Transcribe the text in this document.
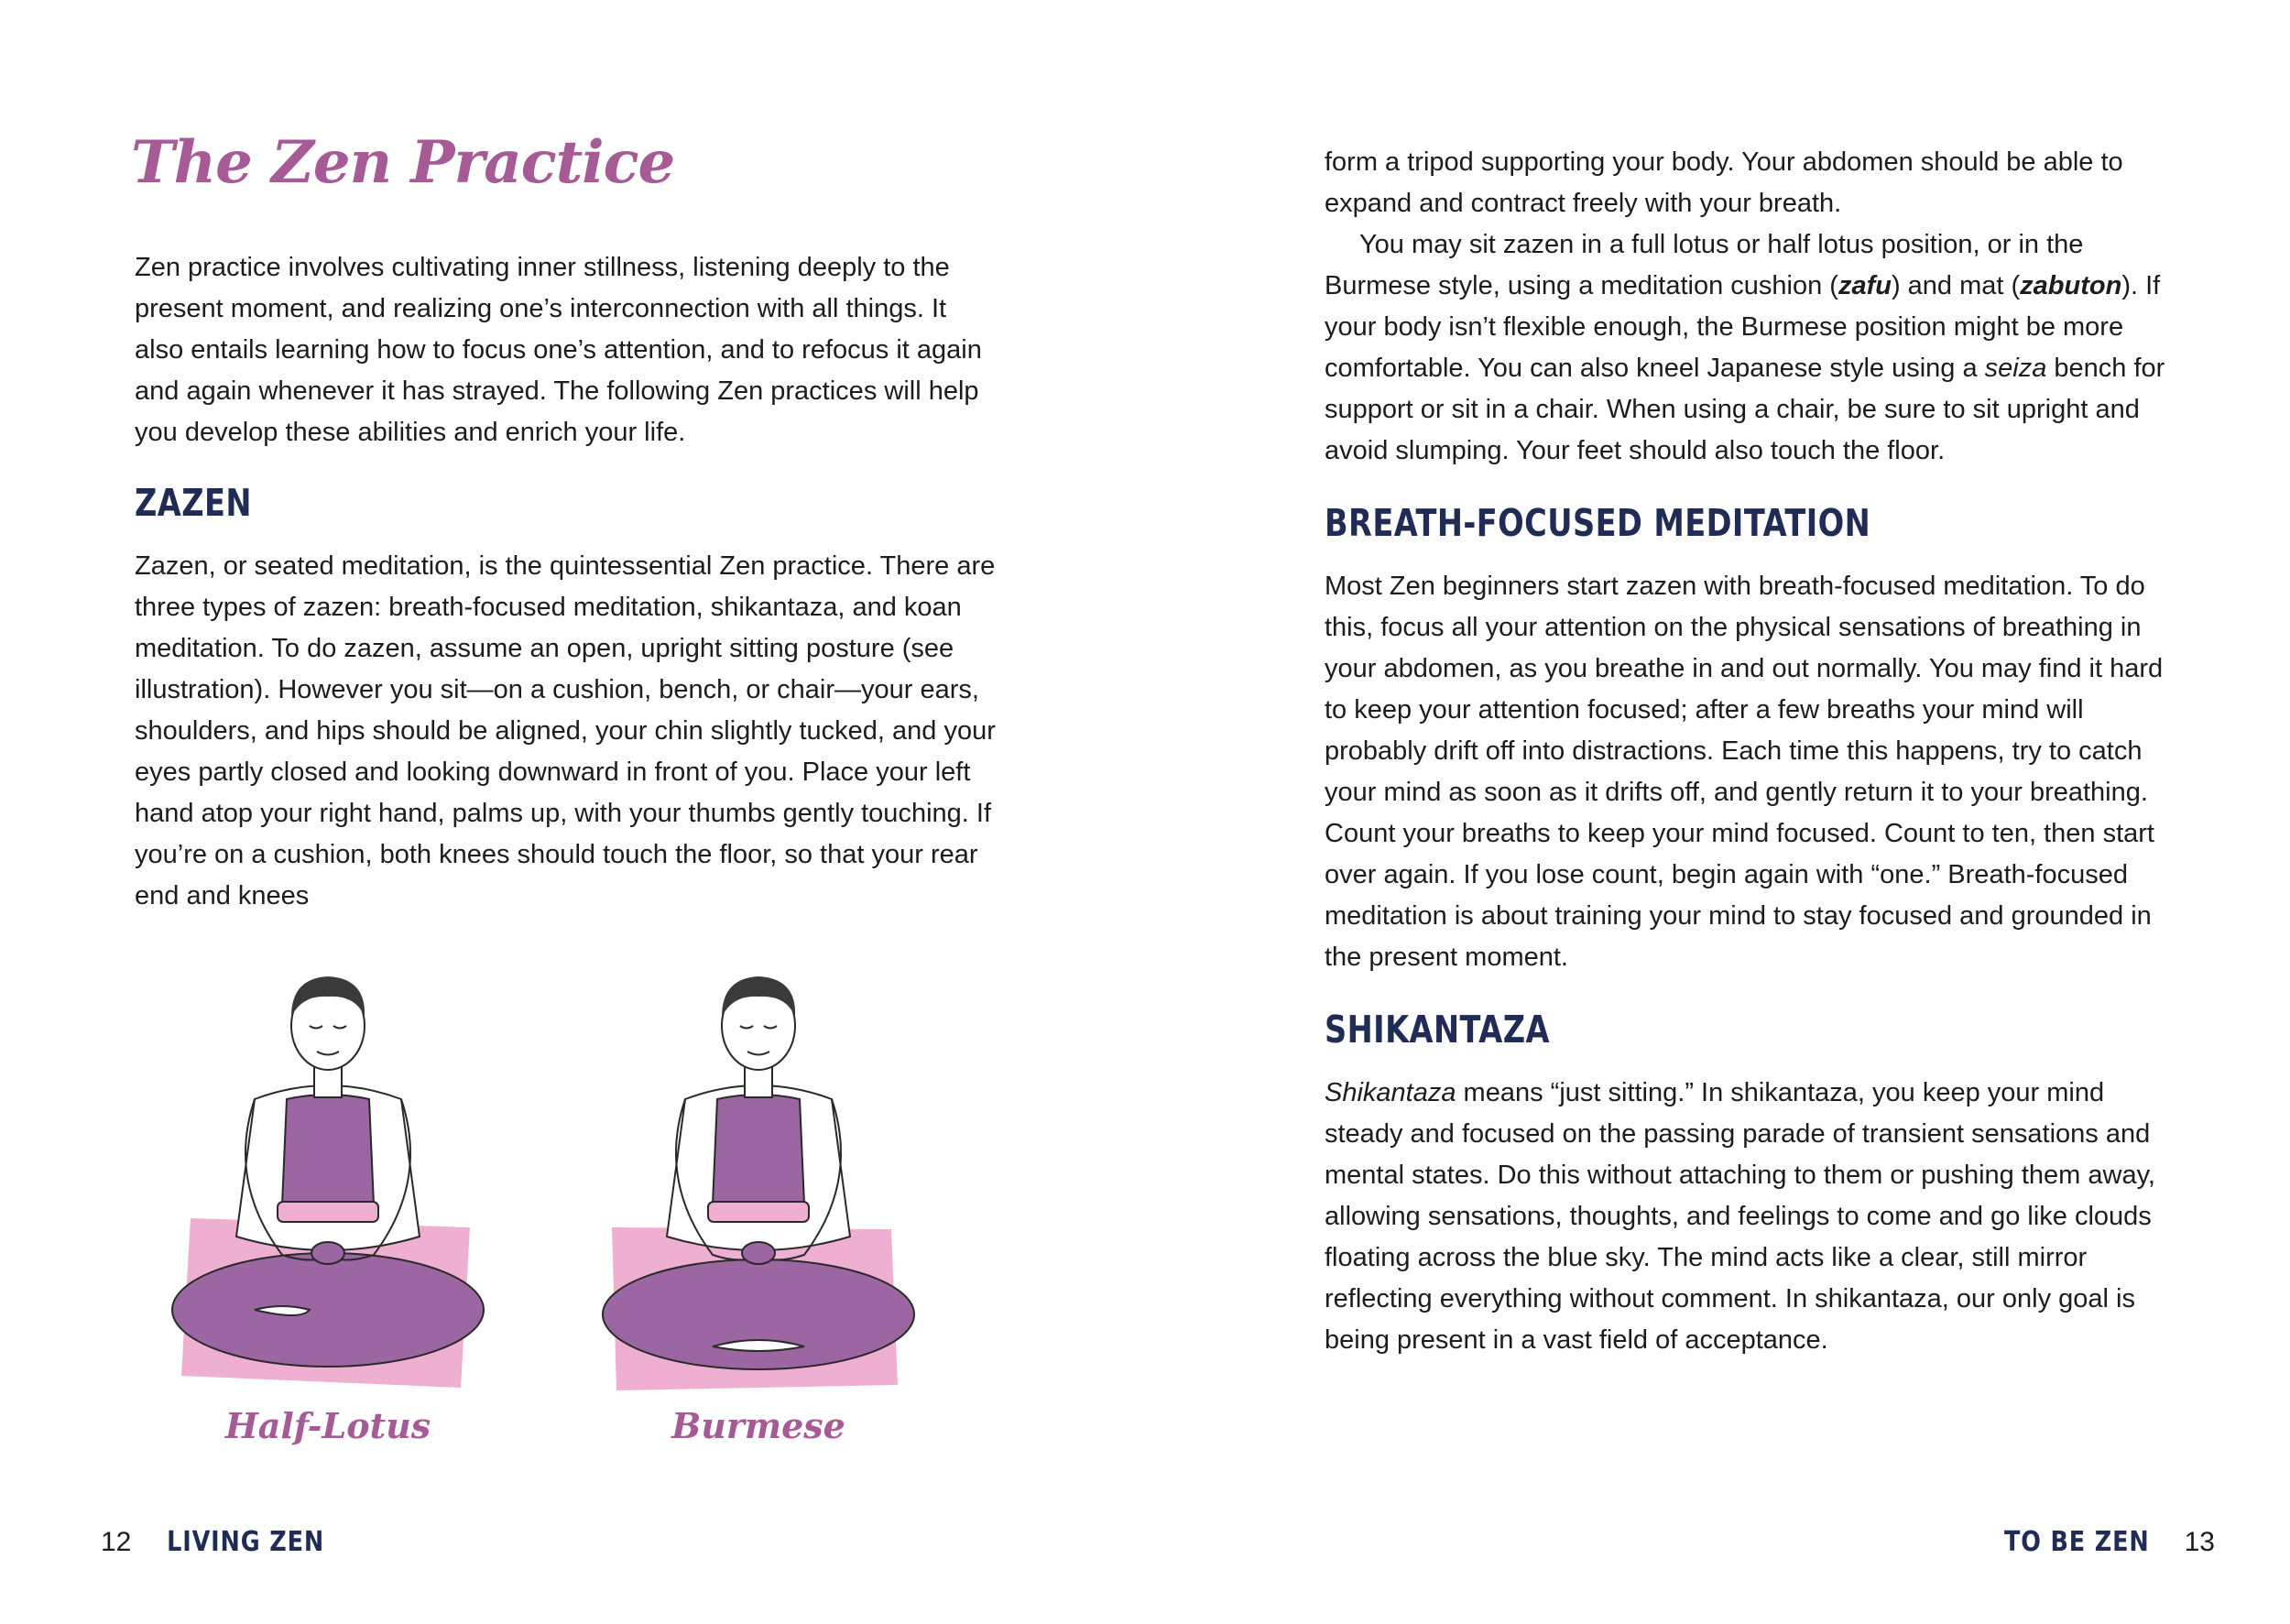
The Zen Practice

Zen practice involves cultivating inner stillness, listening deeply to the present moment, and realizing one’s interconnection with all things. It also entails learning how to focus one’s attention, and to refocus it again and again whenever it has strayed. The following Zen practices will help you develop these abilities and enrich your life.

ZAZEN

Zazen, or seated meditation, is the quintessential Zen practice. There are three types of zazen: breath-focused meditation, shikantaza, and koan meditation. To do zazen, assume an open, upright sitting posture (see illustration). However you sit—on a cushion, bench, or chair—your ears, shoulders, and hips should be aligned, your chin slightly tucked, and your eyes partly closed and looking downward in front of you. Place your left hand atop your right hand, palms up, with your thumbs gently touching. If you’re on a cushion, both knees should touch the floor, so that your rear end and knees

Half-Lotus	Burmese
12 LIVING ZEN

form a tripod supporting your body. Your abdomen should be able to expand and contract freely with your breath.

You may sit zazen in a full lotus or half lotus position, or in the Burmese style, using a meditation cushion (zafu) and mat (zabuton). If your body isn’t flexible enough, the Burmese position might be more comfortable. You can also kneel Japanese style using a seiza bench for support or sit in a chair. When using a chair, be sure to sit upright and avoid slumping. Your feet should also touch the floor.

BREATH-FOCUSED MEDITATION

Most Zen beginners start zazen with breath-focused meditation. To do this, focus all your attention on the physical sensations of breathing in your abdomen, as you breathe in and out normally. You may find it hard to keep your attention focused; after a few breaths your mind will probably drift off into distractions. Each time this happens, try to catch your mind as soon as it drifts off, and gently return it to your breathing. Count your breaths to keep your mind focused. Count to ten, then start over again. If you lose count, begin again with “one.” Breath-focused meditation is about training your mind to stay focused and grounded in the present moment.

SHIKANTAZA

Shikantaza means “just sitting.” In shikantaza, you keep your mind steady and focused on the passing parade of transient sensations and mental states. Do this without attaching to them or pushing them away, allowing sensations, thoughts, and feelings to come and go like clouds floating across the blue sky. The mind acts like a clear, still mirror reflecting everything without comment. In shikantaza, our only goal is being present in a vast field of acceptance.

TO BE ZEN 13
